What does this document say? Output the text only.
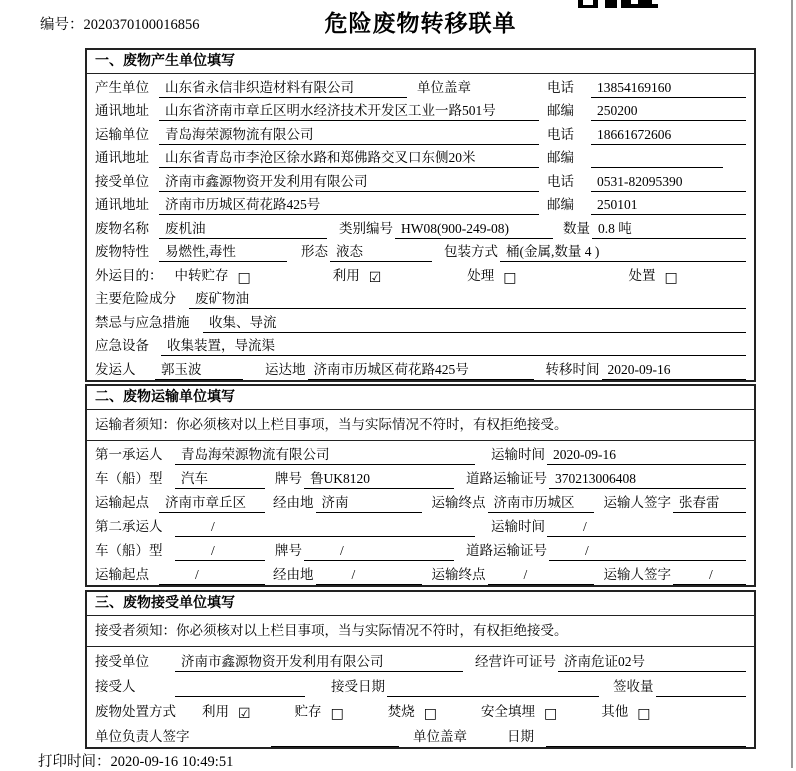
编号：2020370100016856	危险废物转移联单
一、废物产生单位填写
产生单位	山东省永信非织造材料有限公司	单位盖章	电话	13854169160
通讯地址	山东省济南市章丘区明水经济技术开发区工业一路501号	邮编	250200
运输单位	青岛海荣源物流有限公司	电话	18661672606
通讯地址	山东省青岛市李沧区徐水路和郑佛路交叉口东侧20米	邮编
接受单位	济南市鑫源物资开发利用有限公司	电话	0531-82095390
通讯地址	济南市历城区荷花路425号	邮编	250101
废物名称	废机油	类别编号 HW08(900-249-08)	数量 0.8 吨
废物特性	易燃性,毒性	形态 液态	包装方式 桶(金属,数量 4 )
外运目的： 中转贮存 □	利用 ☑	处理 □	处置 □
主要危险成分	废矿物油
禁忌与应急措施	收集、导流
应急设备	收集装置，导流渠
发运人	郭玉波	运达地 济南市历城区荷花路425号	转移时间 2020-09-16
二、废物运输单位填写
运输者须知：你必须核对以上栏目事项，当与实际情况不符时，有权拒绝接受。
第一承运人	青岛海荣源物流有限公司	运输时间 2020-09-16
车（船）型	汽车	牌号 鲁UK8120	道路运输证号 370213006408
运输起点	济南市章丘区	经由地 济南	运输终点 济南市历城区	运输人签字 张春雷
第二承运人	/	运输时间	/
车（船）型	/	牌号	/	道路运输证号	/
运输起点	/	经由地	/	运输终点	/	运输人签字	/
三、废物接受单位填写
接受者须知：你必须核对以上栏目事项，当与实际情况不符时，有权拒绝接受。
接受单位	济南市鑫源物资开发利用有限公司	经营许可证号 济南危证02号
接受人	接受日期	签收量
废物处置方式 利用 ☑	贮存 □	焚烧 □	安全填埋 □	其他 □
单位负责人签字	单位盖章	日期
打印时间：2020-09-16 10:49:51
